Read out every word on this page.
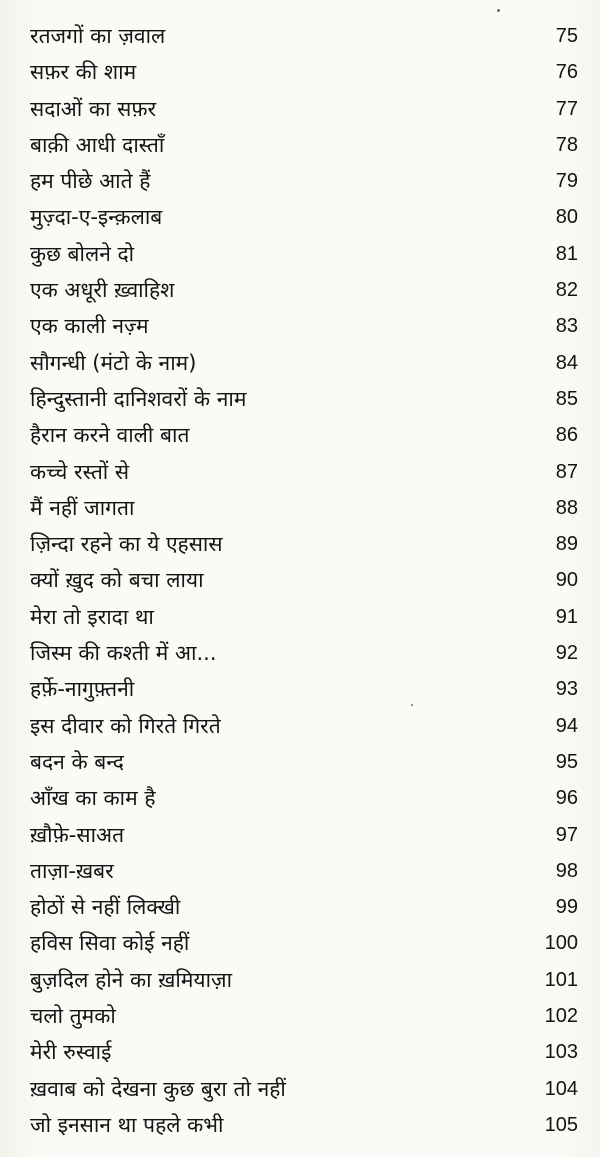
रतजगों का ज़वाल	75
सफ़र की शाम	76
सदाओं का सफ़र	77
बाक़ी आधी दास्ताँ	78
हम पीछे आते हैं	79
मुज़्दा-ए-इन्क़लाब	80
कुछ बोलने दो	81
एक अधूरी ख़्वाहिश	82
एक काली नज़्म	83
सौगन्धी (मंटो के नाम)	84
हिन्दुस्तानी दानिशवरों के नाम	85
हैरान करने वाली बात	86
कच्चे रस्तों से	87
मैं नहीं जागता	88
ज़िन्दा रहने का ये एहसास	89
क्यों ख़ुद को बचा लाया	90
मेरा तो इरादा था	91
जिस्म की कश्ती में आ...	92
हर्फ़े-नागुफ़्तनी	93
इस दीवार को गिरते गिरते	94
बदन के बन्द	95
आँख का काम है	96
ख़ौफ़े-साअत	97
ताज़ा-ख़बर	98
होठों से नहीं लिक्खी	99
हविस सिवा कोई नहीं	100
बुज़दिल होने का ख़मियाज़ा	101
चलो तुमको	102
मेरी रुस्वाई	103
ख़वाब को देखना कुछ बुरा तो नहीं	104
जो इनसान था पहले कभी	105
